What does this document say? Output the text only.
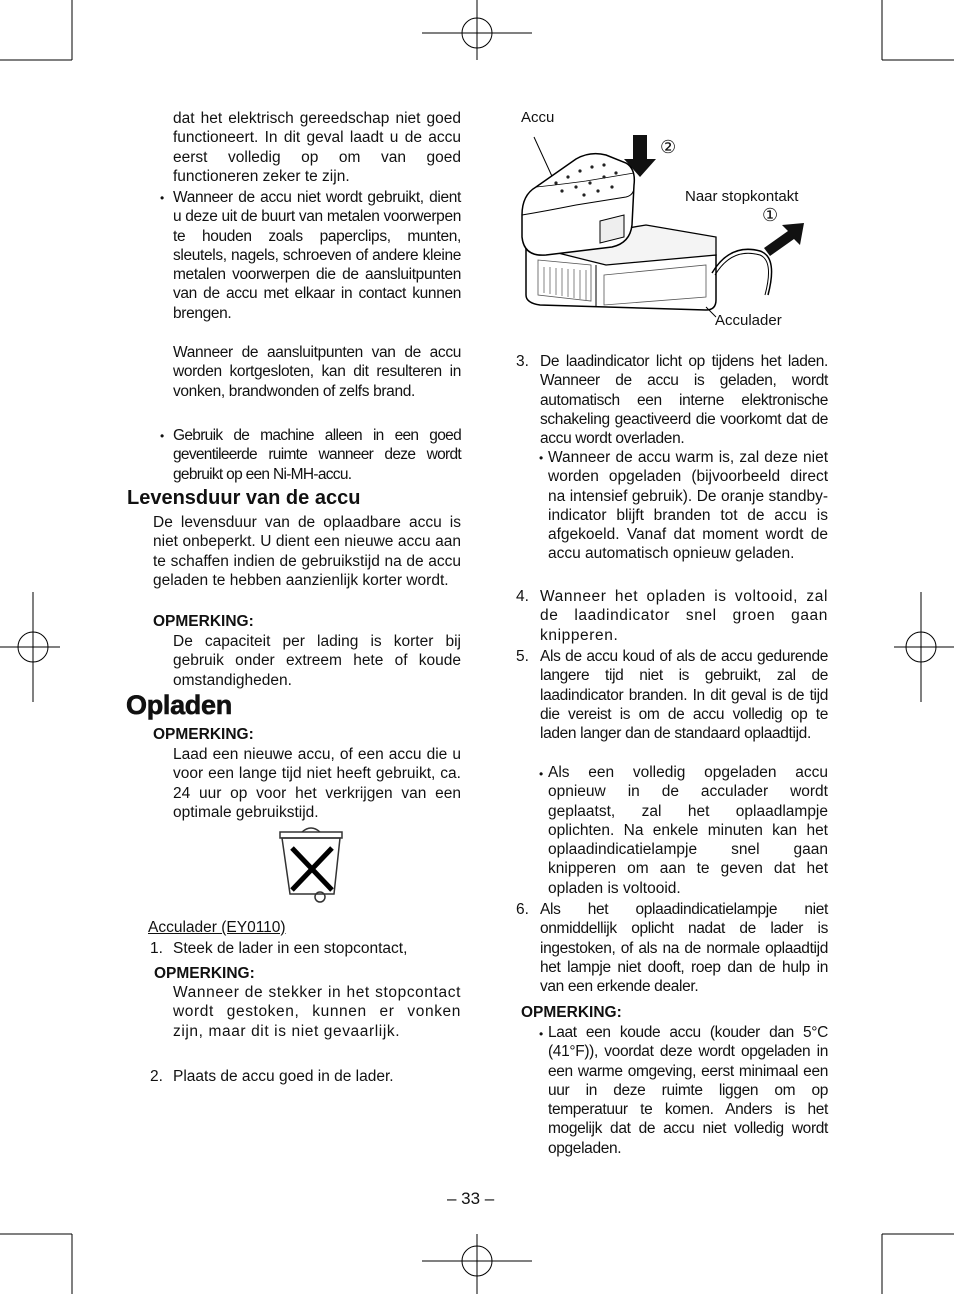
dat het elektrisch gereedschap niet goed functioneert. In dit geval laadt u de accu eerst volledig op om van goed functioneren zeker te zijn.
• Wanneer de accu niet wordt gebruikt, dient u deze uit de buurt van metalen voorwerpen te houden zoals paperclips, munten, sleutels, nagels, schroeven of andere kleine metalen voorwerpen die de aansluitpunten van de accu met elkaar in contact kunnen brengen.
Wanneer de aansluitpunten van de accu worden kortgesloten, kan dit resulteren in vonken, brandwonden of zelfs brand.
• Gebruik de machine alleen in een goed geventileerde ruimte wanneer deze wordt gebruikt op een Ni-MH-accu.
Levensduur van de accu
De levensduur van de oplaadbare accu is niet onbeperkt. U dient een nieuwe accu aan te schaffen indien de gebruikstijd na de accu geladen te hebben aanzienlijk korter wordt.
OPMERKING:
De capaciteit per lading is korter bij gebruik onder extreem hete of koude omstandigheden.
Opladen
OPMERKING:
Laad een nieuwe accu, of een accu die u voor een lange tijd niet heeft gebruikt, ca. 24 uur op voor het verkrijgen van een optimale gebruikstijd.
Acculader (EY0110)
1. Steek de lader in een stopcontact,
OPMERKING:
Wanneer de stekker in het stopcontact wordt gestoken, kunnen er vonken zijn, maar dit is niet gevaarlijk.
2. Plaats de accu goed in de lader.
Accu
②
Naar stopkontakt
①
Acculader
3. De laadindicator licht op tijdens het laden. Wanneer de accu is geladen, wordt automatisch een interne elektronische schakeling geactiveerd die voorkomt dat de accu wordt overladen.
• Wanneer de accu warm is, zal deze niet worden opgeladen (bijvoorbeeld direct na intensief gebruik). De oranje standby-indicator blijft branden tot de accu is afgekoeld. Vanaf dat moment wordt de accu automatisch opnieuw geladen.
4. Wanneer het opladen is voltooid, zal de laadindicator snel groen gaan knipperen.
5. Als de accu koud of als de accu gedurende langere tijd niet is gebruikt, zal de laadindicator branden. In dit geval is de tijd die vereist is om de accu volledig op te laden langer dan de standaard oplaadtijd.
• Als een volledig opgeladen accu opnieuw in de acculader wordt geplaatst, zal het oplaadlampje oplichten. Na enkele minuten kan het oplaadindicatielampje snel gaan knipperen om aan te geven dat het opladen is voltooid.
6. Als het oplaadindicatielampje niet onmiddellijk oplicht nadat de lader is ingestoken, of als na de normale oplaadtijd het lampje niet dooft, roep dan de hulp in van een erkende dealer.
OPMERKING:
• Laat een koude accu (kouder dan 5°C (41°F)), voordat deze wordt opgeladen in een warme omgeving, eerst minimaal een uur in deze ruimte liggen om op temperatuur te komen. Anders is het mogelijk dat de accu niet volledig wordt opgeladen.
– 33 –
